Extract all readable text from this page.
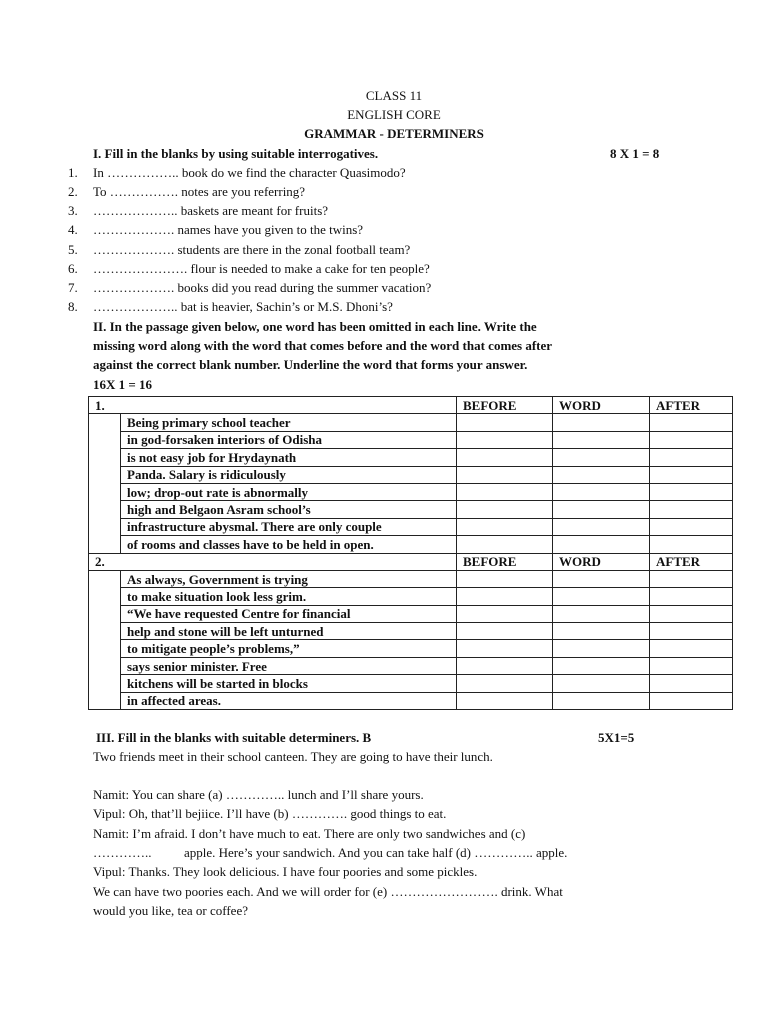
CLASS 11
ENGLISH CORE
GRAMMAR - DETERMINERS
I. Fill in the blanks by using suitable interrogatives.	8 X 1 = 8
1. In …………….. book do we find the character Quasimodo?
2. To ……………. notes are you referring?
3. ……………….. baskets are meant for fruits?
4. ………………. names have you given to the twins?
5. ………………. students are there in the zonal football team?
6. …………………. flour is needed to make a cake for ten people?
7. ………………. books did you read during the summer vacation?
8. ……………….. bat is heavier, Sachin’s or M.S. Dhoni’s?
II. In the passage given below, one word has been omitted in each line. Write the
missing word along with the word that comes before and the word that comes after
against the correct blank number. Underline the word that forms your answer.
16X 1 = 16
1.		BEFORE	WORD	AFTER
	Being primary school teacher			
	in god-forsaken interiors of Odisha			
	is not easy job for Hrydaynath			
	Panda. Salary is ridiculously			
	low; drop-out rate is abnormally			
	high and Belgaon Asram school’s			
	infrastructure abysmal. There are only couple			
	of rooms and classes have to be held in open.			
2.		BEFORE	WORD	AFTER
	As always, Government is trying			
	to make situation look less grim.			
	“We have requested Centre for financial			
	help and stone will be left unturned			
	to mitigate people’s problems,”			
	says senior minister. Free			
	kitchens will be started in blocks			
	in affected areas.			
III. Fill in the blanks with suitable determiners. B	5X1=5
Two friends meet in their school canteen. They are going to have their lunch.
Namit: You can share (a) ………….. lunch and I’ll share yours.
Vipul: Oh, that’ll bejiice. I’ll have (b) …………. good things to eat.
Namit: I’m afraid. I don’t have much to eat. There are only two sandwiches and (c)
…………..          apple. Here’s your sandwich. And you can take half (d) ………….. apple.
Vipul: Thanks. They look delicious. I have four poories and some pickles.
We can have two poories each. And we will order for (e) ……………………. drink. What
would you like, tea or coffee?
